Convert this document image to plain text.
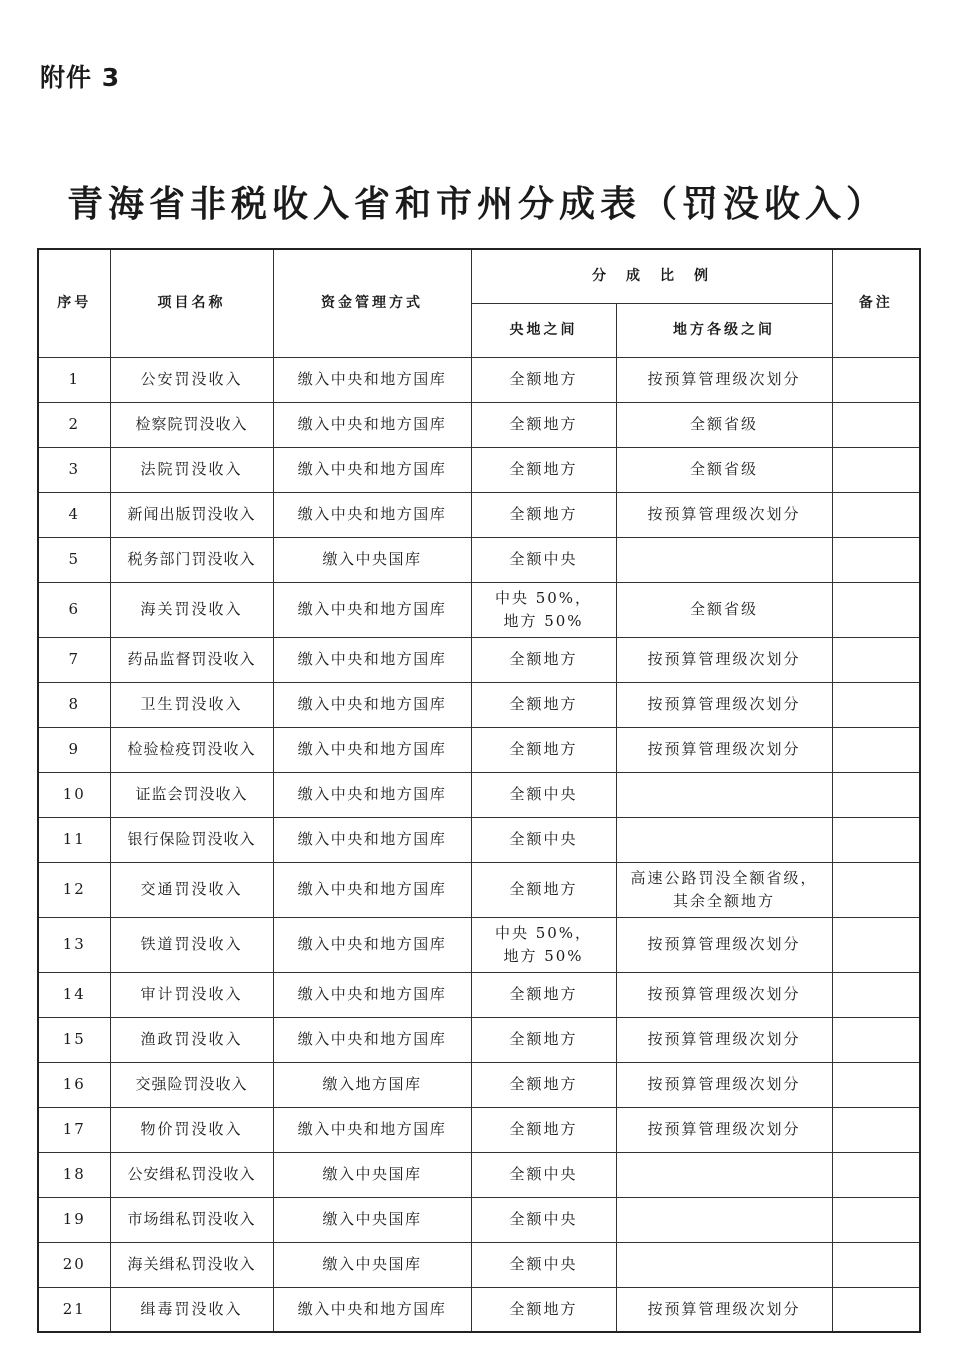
附件 3
青海省非税收入省和市州分成表（罚没收入）
序号	项目名称	资金管理方式	分　成　比　例		备注
			央地之间	地方各级之间	
1	公安罚没收入	缴入中央和地方国库	全额地方	按预算管理级次划分	
2	检察院罚没收入	缴入中央和地方国库	全额地方	全额省级	
3	法院罚没收入	缴入中央和地方国库	全额地方	全额省级	
4	新闻出版罚没收入	缴入中央和地方国库	全额地方	按预算管理级次划分	
5	税务部门罚没收入	缴入中央国库	全额中央		
6	海关罚没收入	缴入中央和地方国库	中央 50%，
地方 50%	全额省级	
7	药品监督罚没收入	缴入中央和地方国库	全额地方	按预算管理级次划分	
8	卫生罚没收入	缴入中央和地方国库	全额地方	按预算管理级次划分	
9	检验检疫罚没收入	缴入中央和地方国库	全额地方	按预算管理级次划分	
10	证监会罚没收入	缴入中央和地方国库	全额中央		
11	银行保险罚没收入	缴入中央和地方国库	全额中央		
12	交通罚没收入	缴入中央和地方国库	全额地方	高速公路罚没全额省级，
其余全额地方	
13	铁道罚没收入	缴入中央和地方国库	中央 50%，
地方 50%	按预算管理级次划分	
14	审计罚没收入	缴入中央和地方国库	全额地方	按预算管理级次划分	
15	渔政罚没收入	缴入中央和地方国库	全额地方	按预算管理级次划分	
16	交强险罚没收入	缴入地方国库	全额地方	按预算管理级次划分	
17	物价罚没收入	缴入中央和地方国库	全额地方	按预算管理级次划分	
18	公安缉私罚没收入	缴入中央国库	全额中央		
19	市场缉私罚没收入	缴入中央国库	全额中央		
20	海关缉私罚没收入	缴入中央国库	全额中央		
21	缉毒罚没收入	缴入中央和地方国库	全额地方	按预算管理级次划分	
